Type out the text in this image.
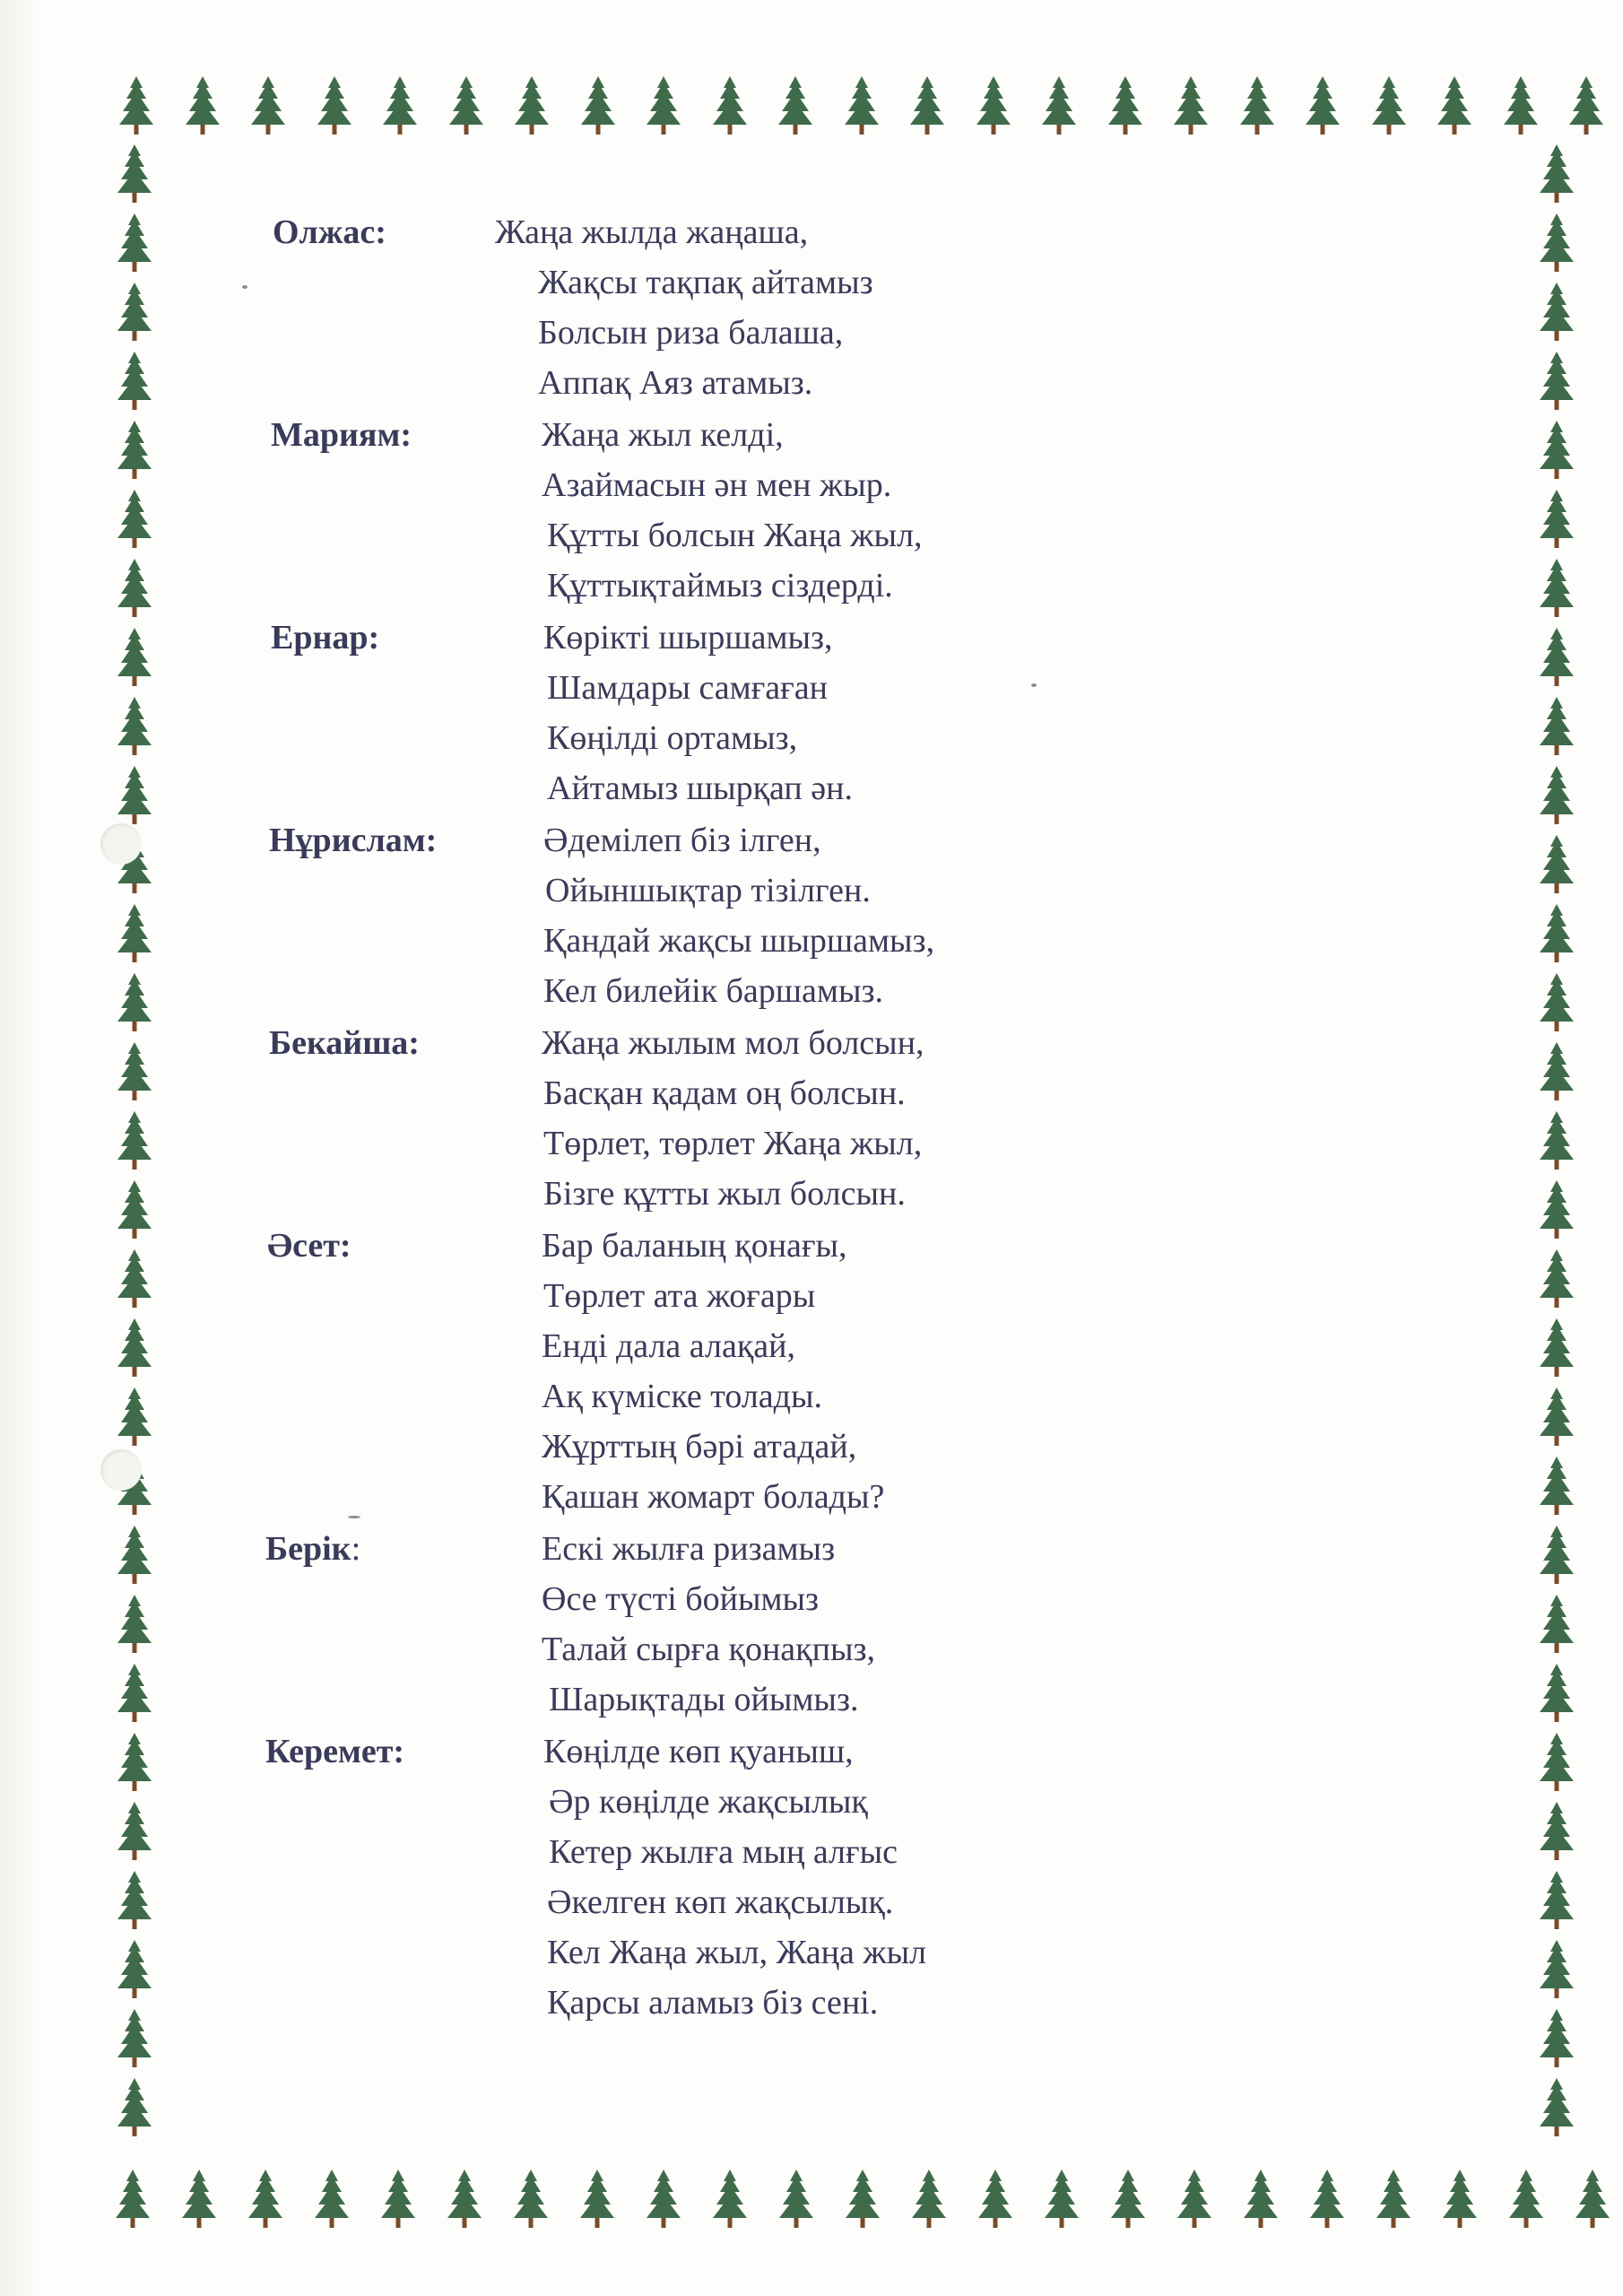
Олжас:	Жаңа жылда жаңаша,
Жақсы тақпақ айтамыз
Болсын риза балаша,
Аппақ Аяз атамыз.
Мариям:	Жаңа жыл келді,
Азаймасын ән мен жыр.
Құтты болсын Жаңа жыл,
Құттықтаймыз сіздерді.
Ернар:	Көрікті шыршамыз,
Шамдары самғаған
Көңілді ортамыз,
Айтамыз шырқап ән.
Нұрислам:	Әдемілеп біз ілген,
Ойыншықтар тізілген.
Қандай жақсы шыршамыз,
Кел билейік баршамыз.
Бекайша:	Жаңа жылым мол болсын,
Басқан қадам оң болсын.
Төрлет, төрлет Жаңа жыл,
Бізге құтты жыл болсын.
Әсет:	Бар баланың қонағы,
Төрлет ата жоғары
Енді дала алақай,
Ақ күміске толады.
Жұрттың бәрі атадай,
Қашан жомарт болады?
Берік:	Ескі жылға ризамыз
Өсе түсті бойымыз
Талай сырға қонақпыз,
Шарықтады ойымыз.
Керемет:	Көңілде көп қуаныш,
Әр көңілде жақсылық
Кетер жылға мың алғыс
Әкелген көп жақсылық.
Кел Жаңа жыл, Жаңа жыл
Қарсы аламыз біз сені.
